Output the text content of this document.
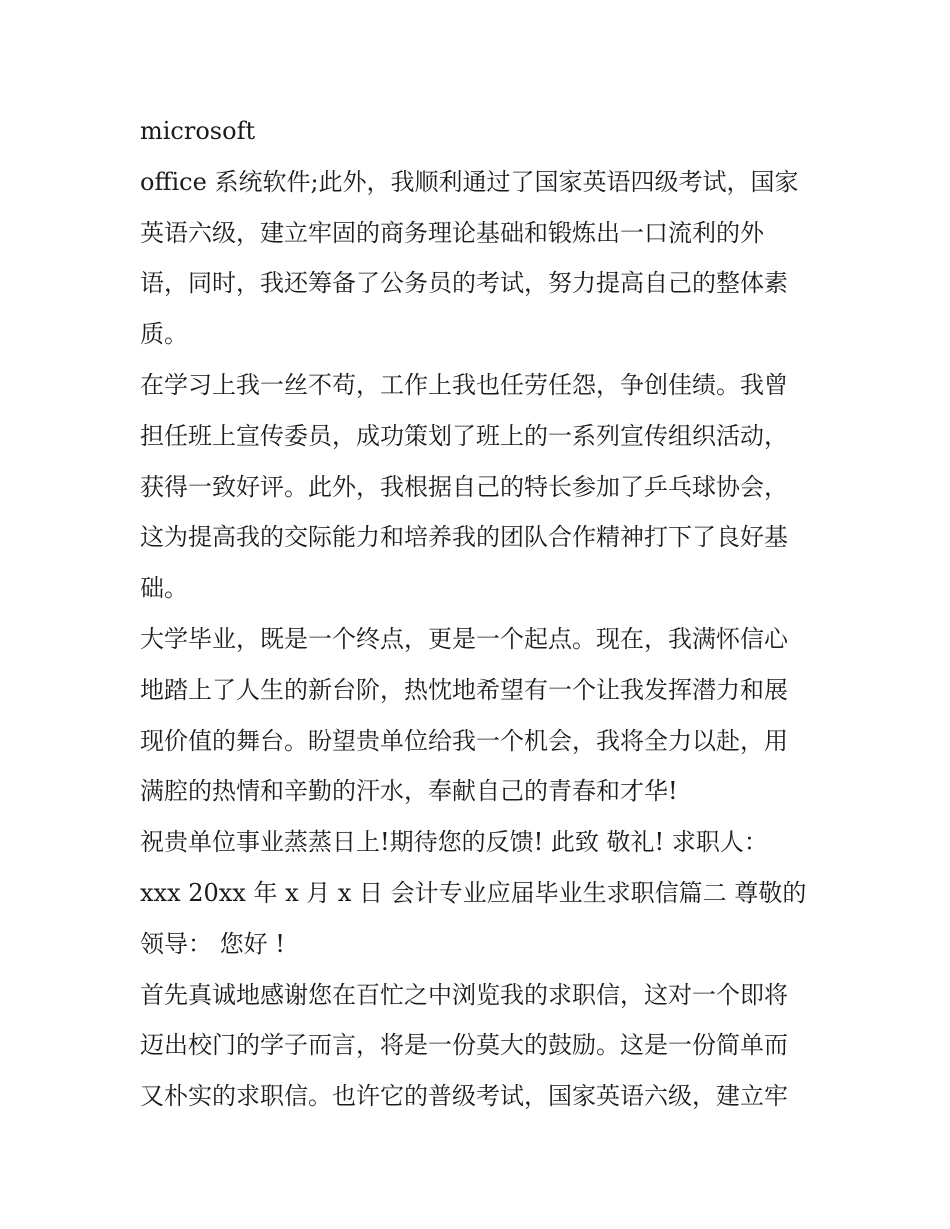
microsoft
office 系统软件;此外，我顺利通过了国家英语四级考试，国家
英语六级，建立牢固的商务理论基础和锻炼出一口流利的外
语，同时，我还筹备了公务员的考试，努力提高自己的整体素
质。
在学习上我一丝不苟，工作上我也任劳任怨，争创佳绩。我曾
担任班上宣传委员，成功策划了班上的一系列宣传组织活动，
获得一致好评。此外，我根据自己的特长参加了乒乓球协会，
这为提高我的交际能力和培养我的团队合作精神打下了良好基
础。
大学毕业，既是一个终点，更是一个起点。现在，我满怀信心
地踏上了人生的新台阶，热忱地希望有一个让我发挥潜力和展
现价值的舞台。盼望贵单位给我一个机会，我将全力以赴，用
满腔的热情和辛勤的汗水，奉献自己的青春和才华!
祝贵单位事业蒸蒸日上!期待您的反馈! 此致 敬礼! 求职人：
xxx 20xx 年 x 月 x 日 会计专业应届毕业生求职信篇二 尊敬的
领导： 您好 !
首先真诚地感谢您在百忙之中浏览我的求职信，这对一个即将
迈出校门的学子而言，将是一份莫大的鼓励。这是一份简单而
又朴实的求职信。也许它的普级考试，国家英语六级，建立牢
